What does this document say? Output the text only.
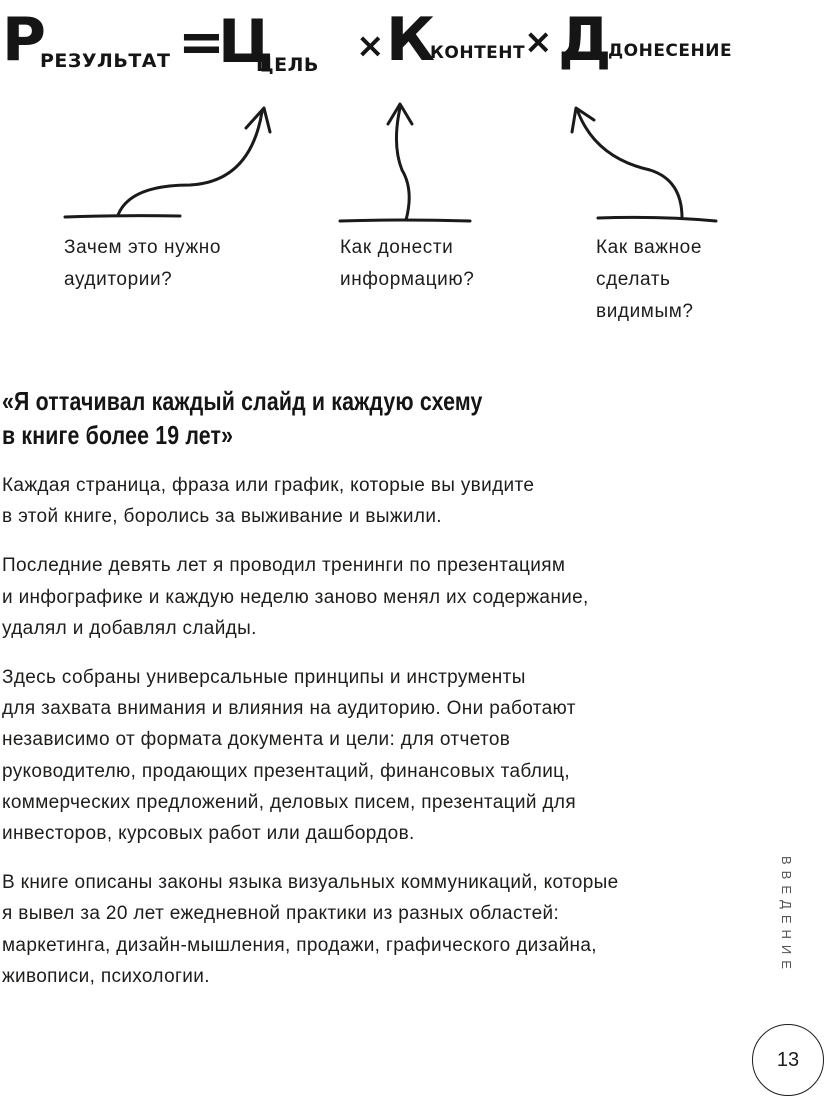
Р
РЕЗУЛЬТАТ =
Ц
ЦЕЛЬ × К
КОНТЕНТ
× Д
ДОНЕСЕНИЕ
Зачем это нужно
аудитории?
Как донести
информацию?
Как важное
сделать
видимым?
«Я оттачивал каждый слайд и каждую схему
в книге более 19 лет»
Каждая страница, фраза или график, которые вы увидите
в этой книге, боролись за выживание и выжили.
Последние девять лет я проводил тренинги по презентациям
и инфографике и каждую неделю заново менял их содержание,
удалял и добавлял слайды.
Здесь собраны универсальные принципы и инструменты
для захвата внимания и влияния на аудиторию. Они работают
независимо от формата документа и цели: для отчетов
руководителю, продающих презентаций, финансовых таблиц,
коммерческих предложений, деловых писем, презентаций для
инвесторов, курсовых работ или дашбордов.
В книге описаны законы языка визуальных коммуникаций, которые
я вывел за 20 лет ежедневной практики из разных областей:
маркетинга, дизайн-мышления, продажи, графического дизайна,
живописи, психологии.
ВВЕДЕНИЕ
13
